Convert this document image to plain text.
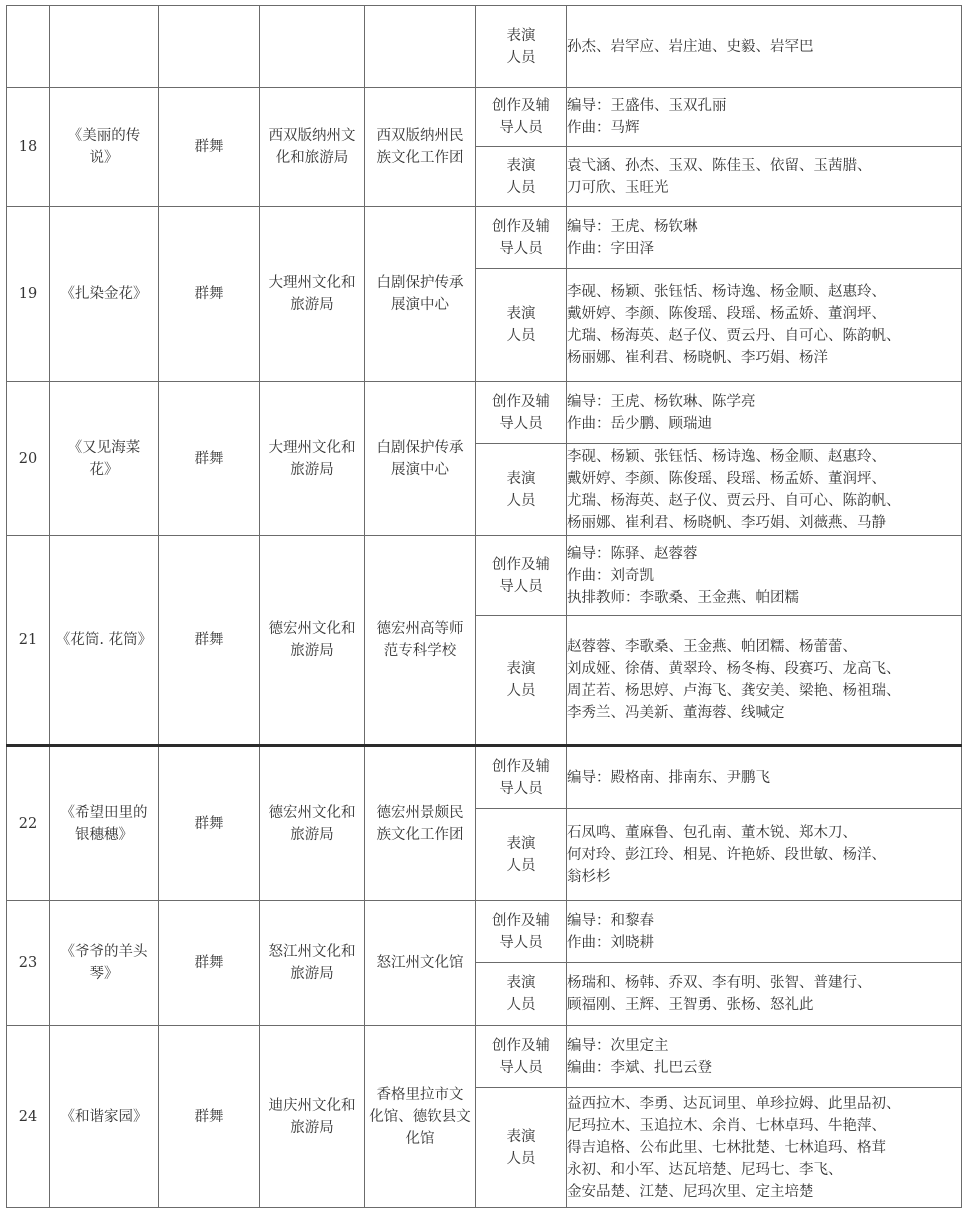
					表演
人员	孙杰、岩罕应、岩庄迪、史毅、岩罕巴

18	《美丽的传
说》	群舞	西双版纳州文
化和旅游局	西双版纳州民
族文化工作团	创作及辅
导人员	编导：王盛伟、玉双孔丽
作曲：马辉

					表演
人员	袁弋涵、孙杰、玉双、陈佳玉、依留、玉茜腊、
刀可欣、玉旺光

19	《扎染金花》	群舞	大理州文化和
旅游局	白剧保护传承
展演中心	创作及辅
导人员	编导：王虎、杨钦琳
作曲：字田泽

					表演
人员	李砚、杨颖、张钰恬、杨诗逸、杨金顺、赵惠玲、
戴妍婷、李颜、陈俊瑶、段瑶、杨孟娇、董润坪、
尤瑞、杨海英、赵子仪、贾云丹、自可心、陈韵帆、
杨丽娜、崔利君、杨晓帆、李巧娟、杨洋

20	《又见海菜
花》	群舞	大理州文化和
旅游局	白剧保护传承
展演中心	创作及辅
导人员	编导：王虎、杨钦琳、陈学亮
作曲：岳少鹏、顾瑞迪

					表演
人员	李砚、杨颖、张钰恬、杨诗逸、杨金顺、赵惠玲、
戴妍婷、李颜、陈俊瑶、段瑶、杨孟娇、董润坪、
尤瑞、杨海英、赵子仪、贾云丹、自可心、陈韵帆、
杨丽娜、崔利君、杨晓帆、李巧娟、刘薇燕、马静

21	《花筒. 花筒》	群舞	德宏州文化和
旅游局	德宏州高等师
范专科学校	创作及辅
导人员	编导：陈驿、赵蓉蓉
作曲：刘奇凯
执排教师：李歌桑、王金燕、帕团糯

					表演
人员	赵蓉蓉、李歌桑、王金燕、帕团糯、杨蕾蕾、
刘成娅、徐蒨、黄翠玲、杨冬梅、段赛巧、龙高飞、
周芷若、杨思婷、卢海飞、龚安美、梁艳、杨祖瑞、
李秀兰、冯美新、董海蓉、线喊定

22	《希望田里的
银穗穗》	群舞	德宏州文化和
旅游局	德宏州景颇民
族文化工作团	创作及辅
导人员	编导：殿格南、排南东、尹鹏飞

					表演
人员	石凤鸣、董麻鲁、包孔南、董木锐、郑木刀、
何对玲、彭江玲、相晃、许艳娇、段世敏、杨洋、
翁杉杉

23	《爷爷的羊头
琴》	群舞	怒江州文化和
旅游局	怒江州文化馆	创作及辅
导人员	编导：和黎春
作曲：刘晓耕

					表演
人员	杨瑞和、杨韩、乔双、李有明、张智、普建行、
顾福刚、王辉、王智勇、张杨、怒礼此

24	《和谐家园》	群舞	迪庆州文化和
旅游局	香格里拉市文
化馆、德钦县文
化馆	创作及辅
导人员	编导：次里定主
编曲：李斌、扎巴云登

					表演
人员	益西拉木、李勇、达瓦词里、单珍拉姆、此里品初、
尼玛拉木、玉追拉木、余肖、七林卓玛、牛艳萍、
得吉追格、公布此里、七林批楚、七林追玛、格茸
永初、和小军、达瓦培楚、尼玛七、李飞、
金安品楚、江楚、尼玛次里、定主培楚
